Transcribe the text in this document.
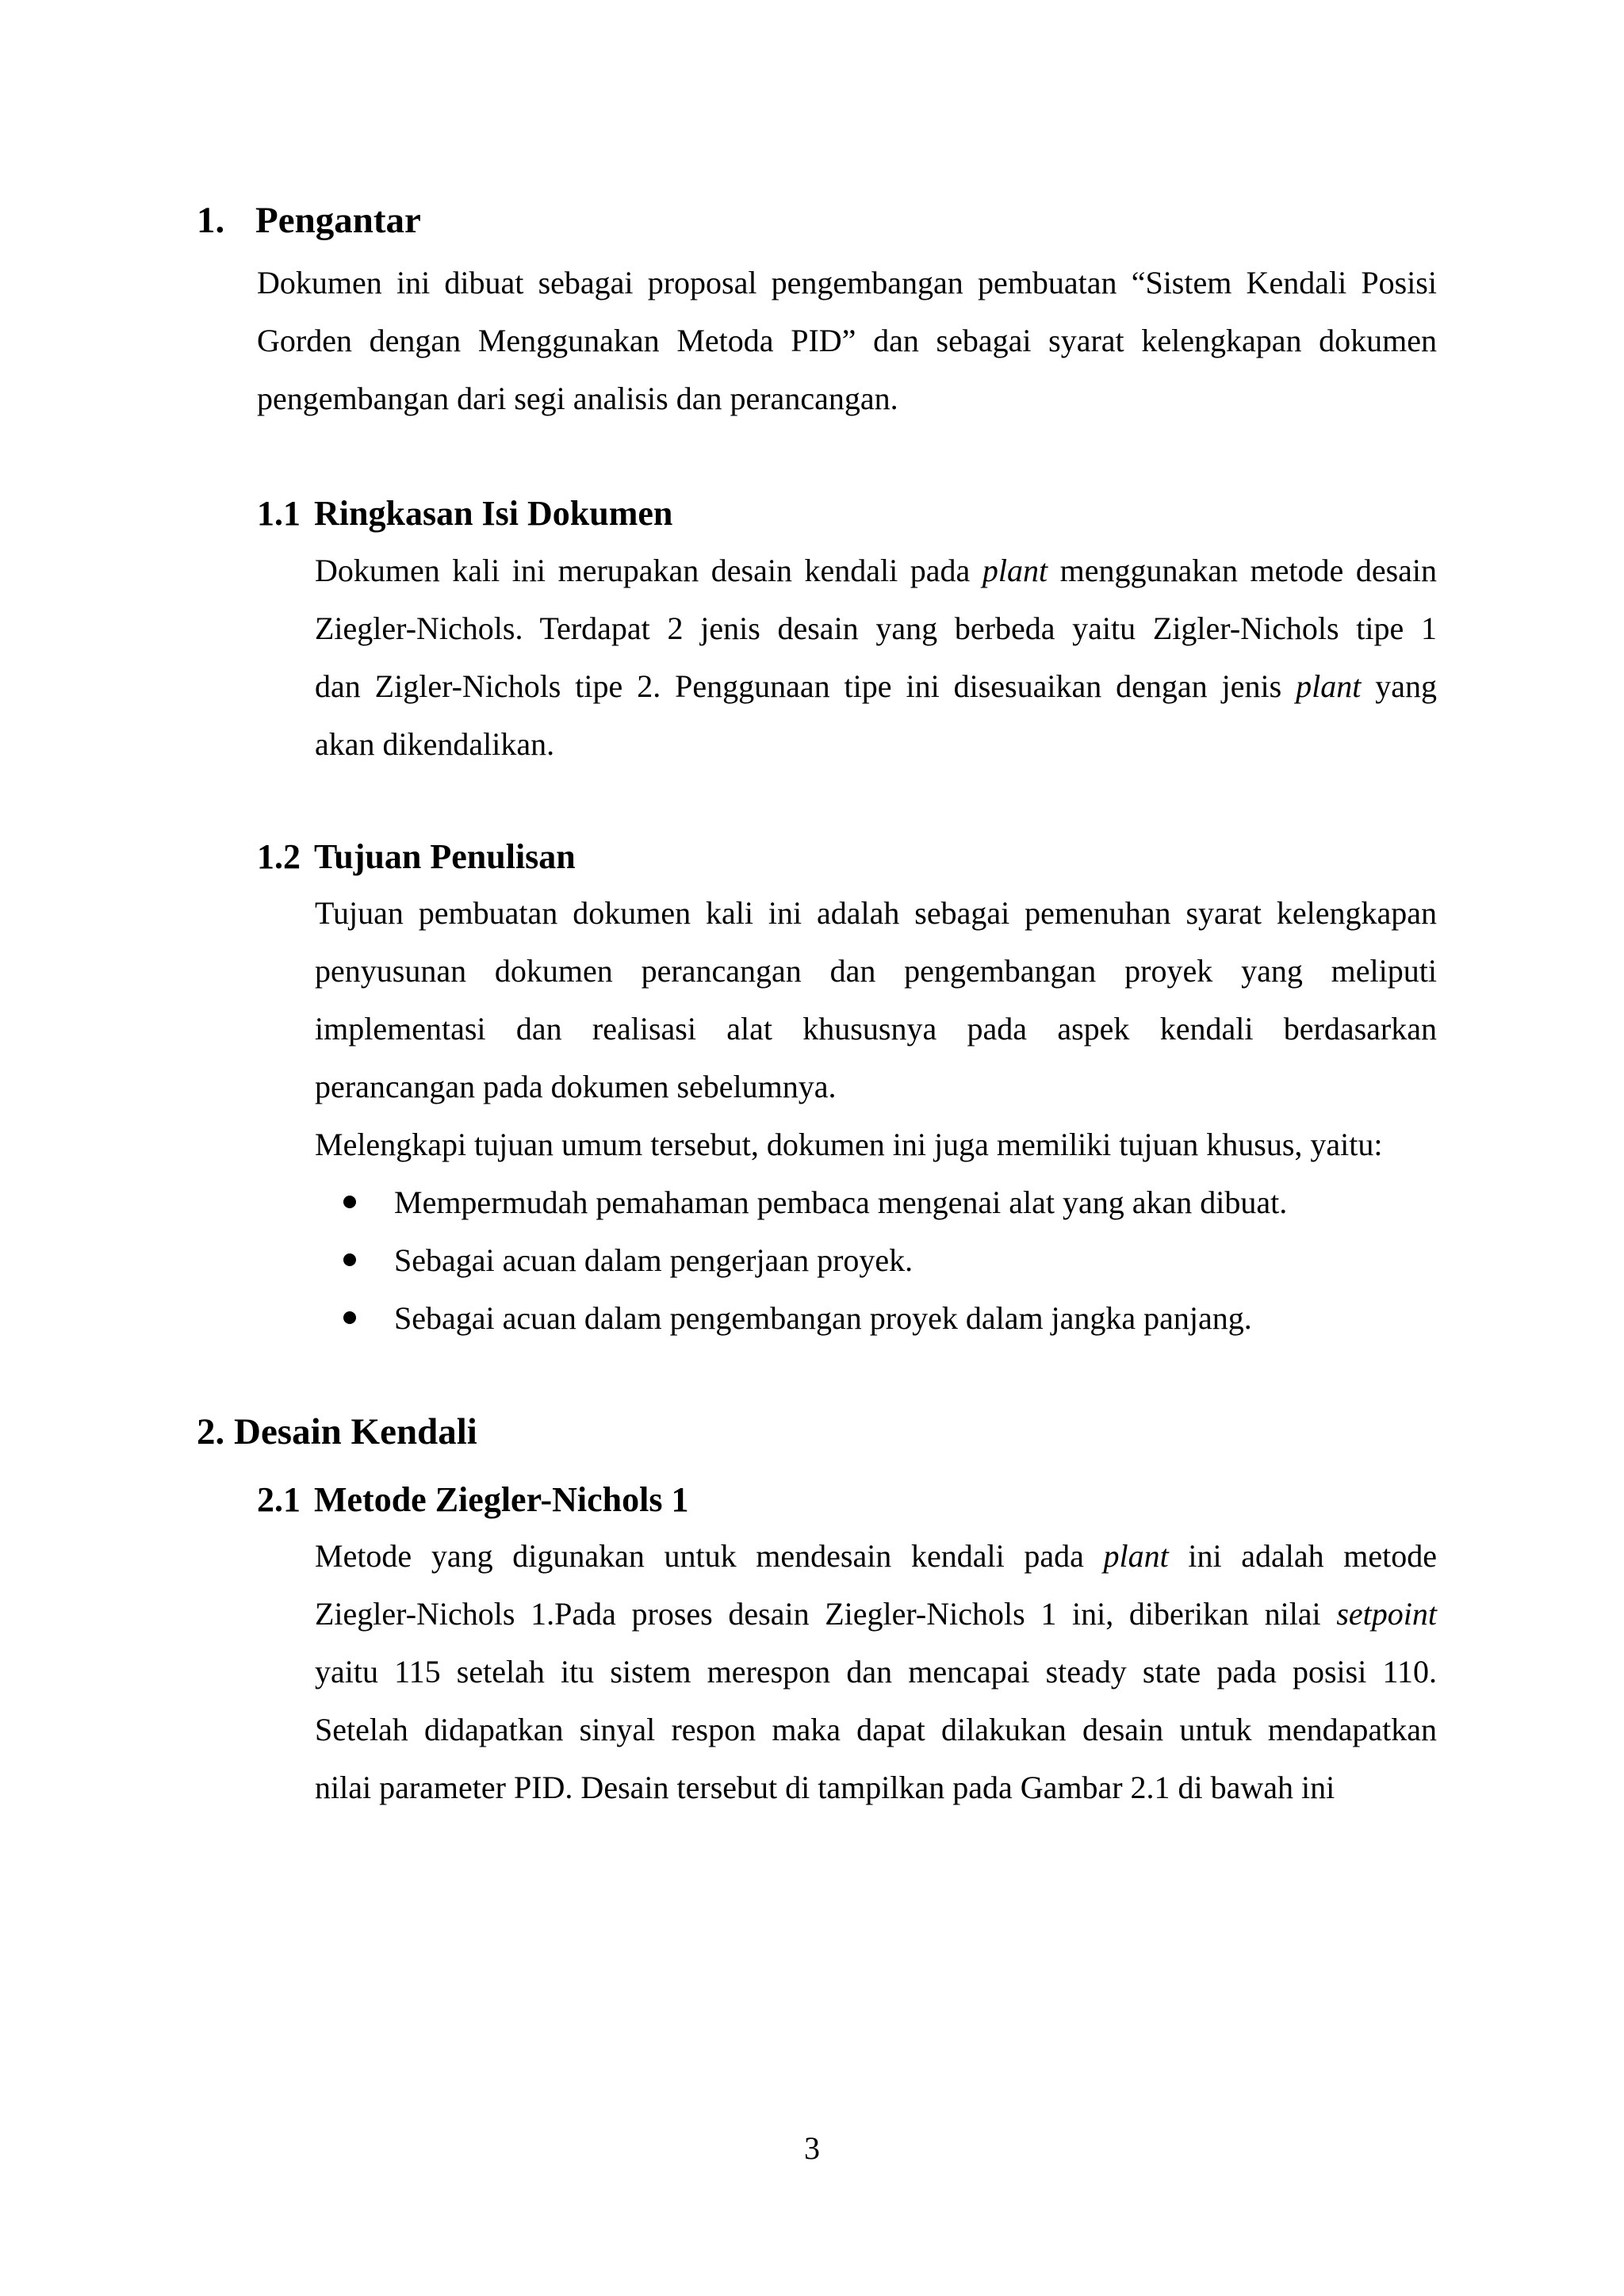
1. Pengantar
Dokumen ini dibuat sebagai proposal pengembangan pembuatan “Sistem Kendali Posisi
Gorden dengan Menggunakan Metoda PID” dan sebagai syarat kelengkapan dokumen
pengembangan dari segi analisis dan perancangan.
1.1 Ringkasan Isi Dokumen
Dokumen kali ini merupakan desain kendali pada plant menggunakan metode desain
Ziegler-Nichols. Terdapat 2 jenis desain yang berbeda yaitu Zigler-Nichols tipe 1
dan Zigler-Nichols tipe 2. Penggunaan tipe ini disesuaikan dengan jenis plant yang
akan dikendalikan.
1.2 Tujuan Penulisan
Tujuan pembuatan dokumen kali ini adalah sebagai pemenuhan syarat kelengkapan
penyusunan dokumen perancangan dan pengembangan proyek yang meliputi
implementasi dan realisasi alat khususnya pada aspek kendali berdasarkan
perancangan pada dokumen sebelumnya.
Melengkapi tujuan umum tersebut, dokumen ini juga memiliki tujuan khusus, yaitu:
Mempermudah pemahaman pembaca mengenai alat yang akan dibuat.
Sebagai acuan dalam pengerjaan proyek.
Sebagai acuan dalam pengembangan proyek dalam jangka panjang.
2. Desain Kendali
2.1 Metode Ziegler-Nichols 1
Metode yang digunakan untuk mendesain kendali pada plant ini adalah metode
Ziegler-Nichols 1.Pada proses desain Ziegler-Nichols 1 ini, diberikan nilai setpoint
yaitu 115 setelah itu sistem merespon dan mencapai steady state pada posisi 110.
Setelah didapatkan sinyal respon maka dapat dilakukan desain untuk mendapatkan
nilai parameter PID. Desain tersebut di tampilkan pada Gambar 2.1 di bawah ini
3
